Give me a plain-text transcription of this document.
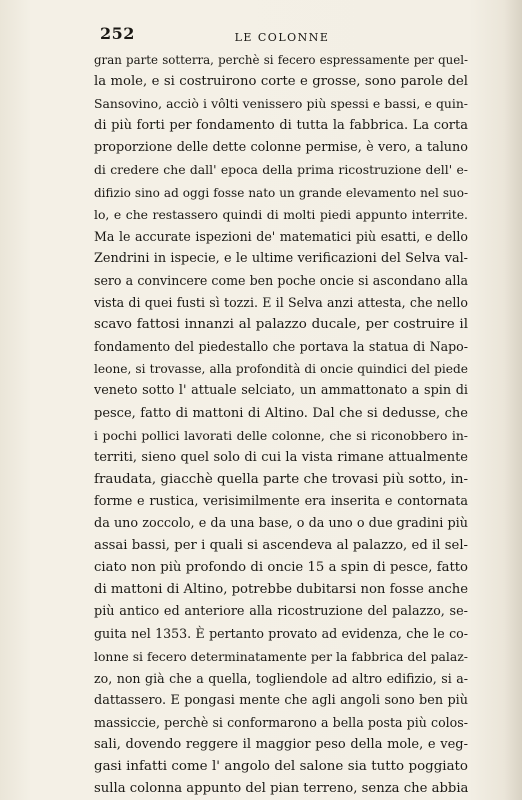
252	LE COLONNE
gran parte sotterra, perchè si fecero espressamente per quel-
la mole, e si costruirono corte e grosse, sono parole del
Sansovino, acciò i vôlti venissero più spessi e bassi, e quin-
di più forti per fondamento di tutta la fabbrica. La corta
proporzione delle dette colonne permise, è vero, a taluno
di credere che dall' epoca della prima ricostruzione dell' e-
difizio sino ad oggi fosse nato un grande elevamento nel suo-
lo, e che restassero quindi di molti piedi appunto interrite.
Ma le accurate ispezioni de' matematici più esatti, e dello
Zendrini in ispecie, e le ultime verificazioni del Selva val-
sero a convincere come ben poche oncie si ascondano alla
vista di quei fusti sì tozzi. E il Selva anzi attesta, che nello
scavo fattosi innanzi al palazzo ducale, per costruire il
fondamento del piedestallo che portava la statua di Napo-
leone, si trovasse, alla profondità di oncie quindici del piede
veneto sotto l' attuale selciato, un ammattonato a spin di
pesce, fatto di mattoni di Altino. Dal che si dedusse, che
i pochi pollici lavorati delle colonne, che si riconobbero in-
territi, sieno quel solo di cui la vista rimane attualmente
fraudata, giacchè quella parte che trovasi più sotto, in-
forme e rustica, verisimilmente era inserita e contornata
da uno zoccolo, e da una base, o da uno o due gradini più
assai bassi, per i quali si ascendeva al palazzo, ed il sel-
ciato non più profondo di oncie 15 a spin di pesce, fatto
di mattoni di Altino, potrebbe dubitarsi non fosse anche
più antico ed anteriore alla ricostruzione del palazzo, se-
guita nel 1353. È pertanto provato ad evidenza, che le co-
lonne si fecero determinatamente per la fabbrica del palaz-
zo, non già che a quella, togliendole ad altro edifizio, si a-
dattassero. E pongasi mente che agli angoli sono ben più
massiccie, perchè si conformarono a bella posta più colos-
sali, dovendo reggere il maggior peso della mole, e veg-
gasi infatti come l' angolo del salone sia tutto poggiato
sulla colonna appunto del pian terreno, senza che abbia
